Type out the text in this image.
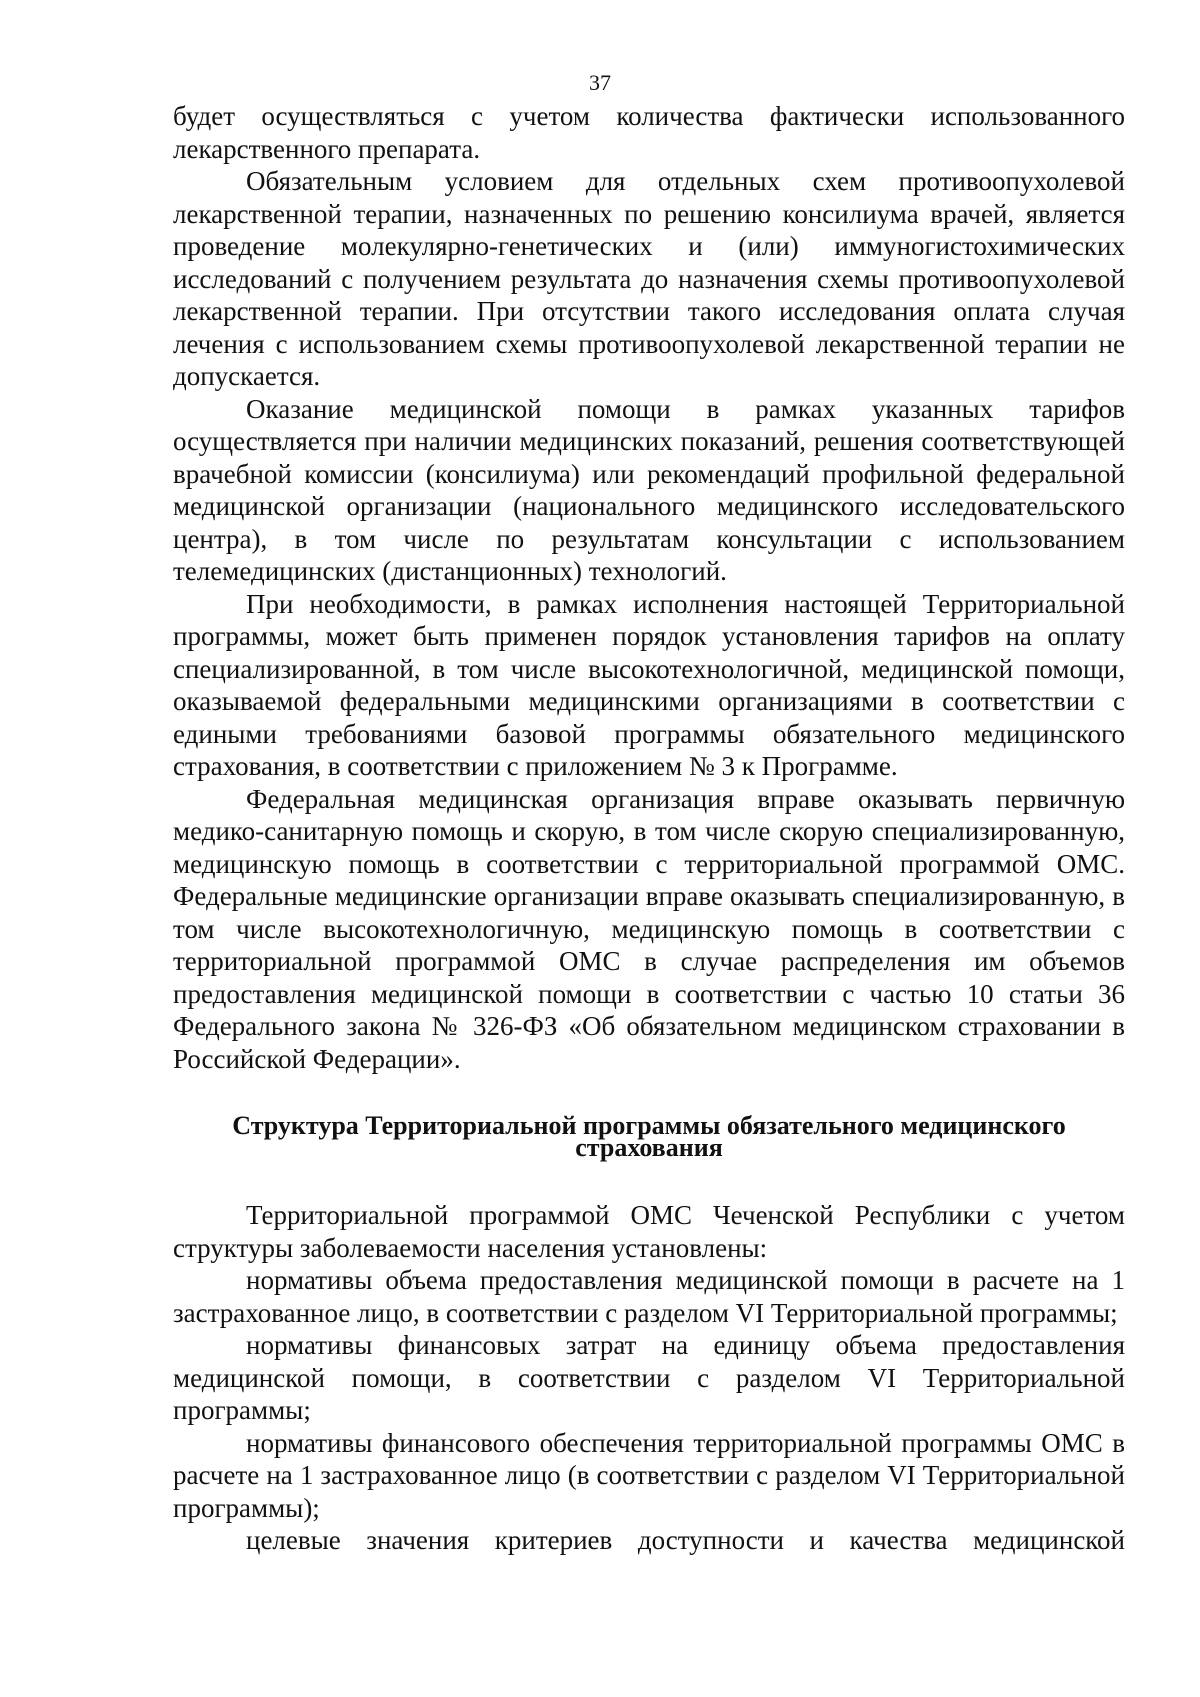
37

будет осуществляться с учетом количества фактически использованного лекарственного препарата.

Обязательным условием для отдельных схем противоопухолевой лекарственной терапии, назначенных по решению консилиума врачей, является проведение молекулярно-генетических и (или) иммуногистохимических исследований с получением результата до назначения схемы противоопухолевой лекарственной терапии. При отсутствии такого исследования оплата случая лечения с использованием схемы противоопухолевой лекарственной терапии не допускается.

Оказание медицинской помощи в рамках указанных тарифов осуществляется при наличии медицинских показаний, решения соответствующей врачебной комиссии (консилиума) или рекомендаций профильной федеральной медицинской организации (национального медицинского исследовательского центра), в том числе по результатам консультации с использованием телемедицинских (дистанционных) технологий.

При необходимости, в рамках исполнения настоящей Территориальной программы, может быть применен порядок установления тарифов на оплату специализированной, в том числе высокотехнологичной, медицинской помощи, оказываемой федеральными медицинскими организациями в соответствии с едиными требованиями базовой программы обязательного медицинского страхования, в соответствии с приложением № 3 к Программе.

Федеральная медицинская организация вправе оказывать первичную медико-санитарную помощь и скорую, в том числе скорую специализированную, медицинскую помощь в соответствии с территориальной программой ОМС. Федеральные медицинские организации вправе оказывать специализированную, в том числе высокотехнологичную, медицинскую помощь в соответствии с территориальной программой ОМС в случае распределения им объемов предоставления медицинской помощи в соответствии с частью 10 статьи 36 Федерального закона № 326-ФЗ «Об обязательном медицинском страховании в Российской Федерации».

Структура Территориальной программы обязательного медицинского
страхования

Территориальной программой ОМС Чеченской Республики с учетом структуры заболеваемости населения установлены:

нормативы объема предоставления медицинской помощи в расчете на 1 застрахованное лицо, в соответствии с разделом VI Территориальной программы;

нормативы финансовых затрат на единицу объема предоставления медицинской помощи, в соответствии с разделом VI Территориальной программы;

нормативы финансового обеспечения территориальной программы ОМС в расчете на 1 застрахованное лицо (в соответствии с разделом VI Территориальной программы);

целевые значения критериев доступности и качества медицинской
